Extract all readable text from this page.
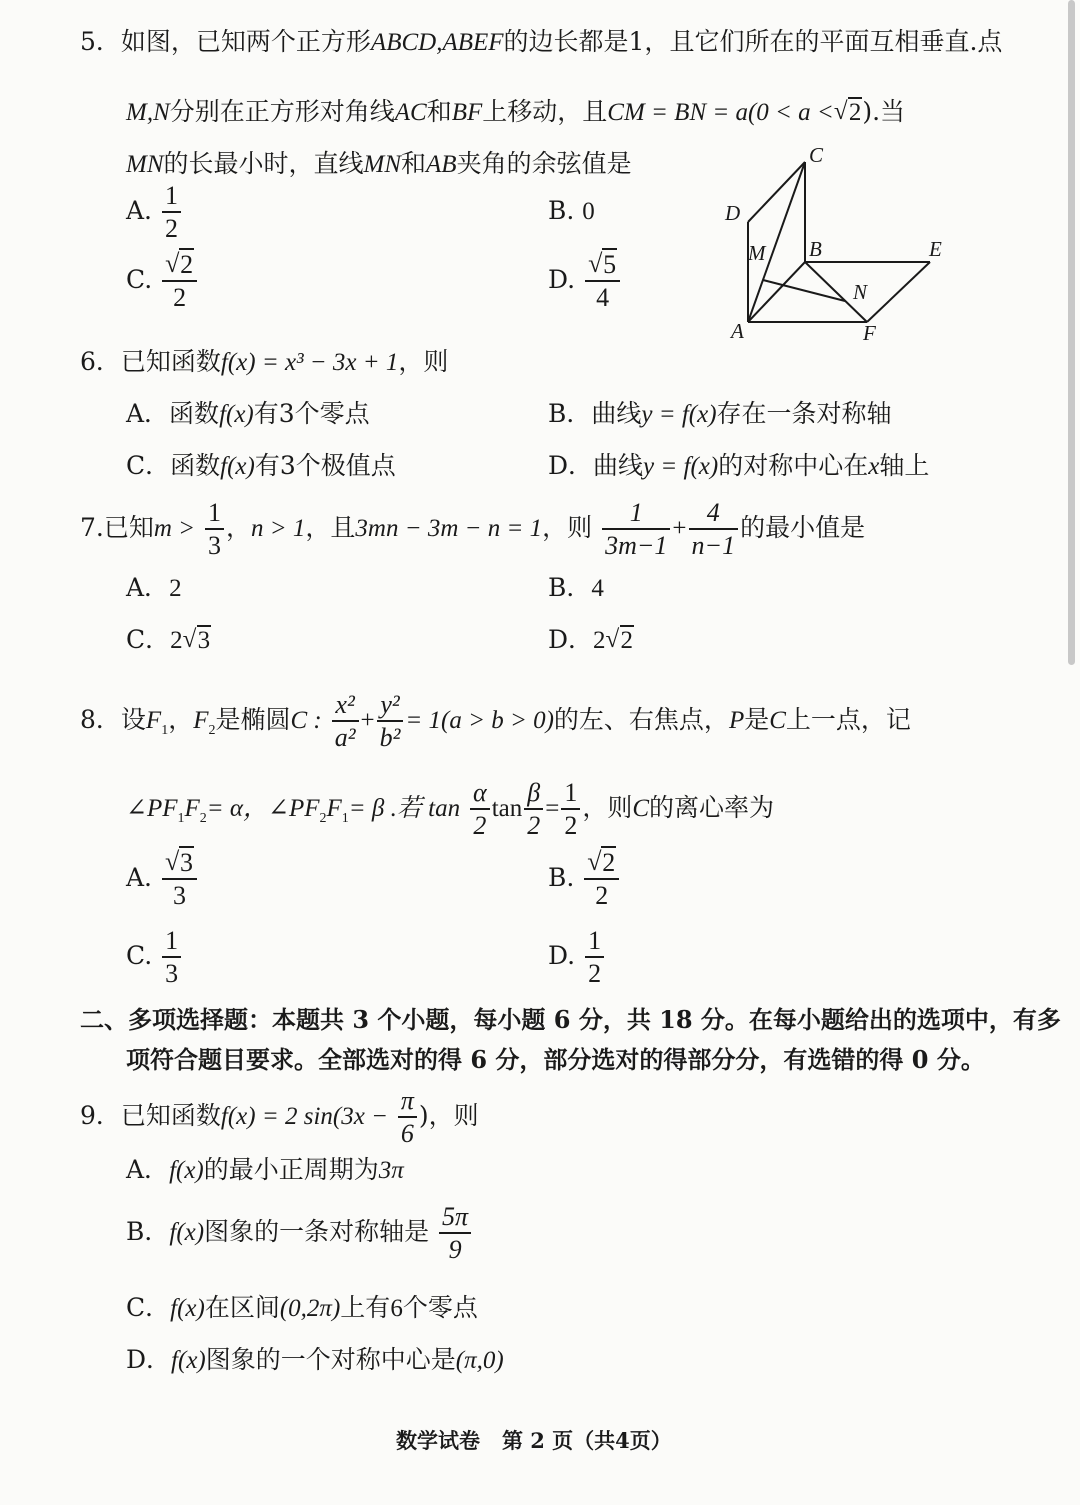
5．如图，已知两个正方形ABCD,ABEF的边长都是1，且它们所在的平面互相垂直.点
M,N分别在正方形对角线AC和BF上移动，且CM = BN = a(0 < a < √ 2).当
MN的长最小时，直线MN和AB夹角的余弦值是
A. $\frac{1}{2}$	B. 0
C. √ $\frac{2}{2}$	D. √ $\frac{5}{4}$
C
D
M B	E
N
A	F
6．已知函数f(x) = x³ − 3x + 1，则
A．函数f(x)有3个零点	B．曲线y = f(x)存在一条对称轴
C．函数f(x)有3个极值点	D．曲线y = f(x)的对称中心在x轴上
7.已知$m > \frac{1}{3}$ ，n > 1，且3mn − 3m − n = 1，则 $\frac{1}{3m-1} + \frac{4}{n-1}$ 的最小值是
A．2	B．4
C．2 √ 3	D．2 √ 2
8．设$F_1$，$F_2$是椭圆C : $\frac{\text{x²}}{\text{a²}} + \frac{\text{y²}}{\text{b²}} = 1(a > b > 0)$的左、右焦点，P是C上一点，记
$\angle PF_1F_2= \alpha$，$\angle PF_2F_1= \beta$ .若 $\tan \frac{\alpha}{2}$ $\tan \frac{\beta}{2} = \frac{1}{2}$ ，则C的离心率为
A. √ $\frac{3}{3}$	B. √ $\frac{2}{2}$
C. $\frac{1}{3}$	D. $\frac{1}{2}$
二、多项选择题：本题共 3 个小题，每小题 6 分，共 18 分。在每小题给出的选项中，有多
项符合题目要求。全部选对的得 6 分，部分选对的得部分分，有选错的得 0 分。
9．已知函数f(x) = 2 $\sin(3x - \frac{\pi}{6}$ )，则
A．f(x)的最小正周期为3π
B．f(x)图象的一条对称轴是 $\frac{5\pi}{9}$
C．f(x)在区间(0,2π)上有6个零点
D．f(x)图象的一个对称中心是(π,0)
数学试卷 第 2 页（共4页）
